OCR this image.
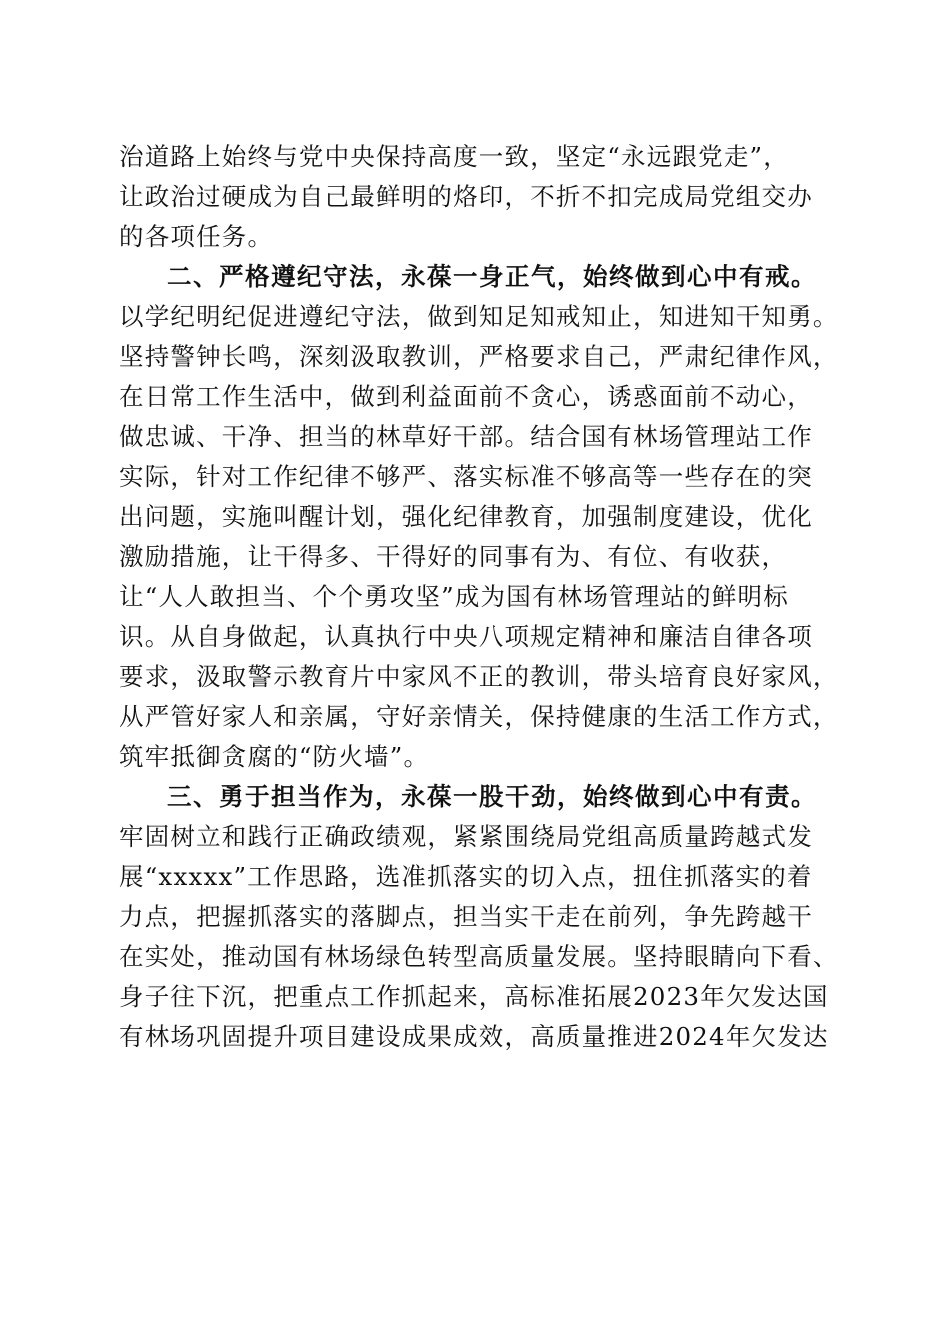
治道路上始终与党中央保持高度一致，坚定“永远跟党走”，
让政治过硬成为自己最鲜明的烙印，不折不扣完成局党组交办
的各项任务。
二、严格遵纪守法，永葆一身正气，始终做到心中有戒。
以学纪明纪促进遵纪守法，做到知足知戒知止，知进知干知勇。
坚持警钟长鸣，深刻汲取教训，严格要求自己，严肃纪律作风，
在日常工作生活中，做到利益面前不贪心，诱惑面前不动心，
做忠诚、干净、担当的林草好干部。结合国有林场管理站工作
实际，针对工作纪律不够严、落实标准不够高等一些存在的突
出问题，实施叫醒计划，强化纪律教育，加强制度建设，优化
激励措施，让干得多、干得好的同事有为、有位、有收获，
让“人人敢担当、个个勇攻坚”成为国有林场管理站的鲜明标
识。从自身做起，认真执行中央八项规定精神和廉洁自律各项
要求，汲取警示教育片中家风不正的教训，带头培育良好家风，
从严管好家人和亲属，守好亲情关，保持健康的生活工作方式，
筑牢抵御贪腐的“防火墙”。
三、勇于担当作为，永葆一股干劲，始终做到心中有责。
牢固树立和践行正确政绩观，紧紧围绕局党组高质量跨越式发
展“xxxxx”工作思路，选准抓落实的切入点，扭住抓落实的着
力点，把握抓落实的落脚点，担当实干走在前列，争先跨越干
在实处，推动国有林场绿色转型高质量发展。坚持眼睛向下看、
身子往下沉，把重点工作抓起来，高标准拓展2023年欠发达国
有林场巩固提升项目建设成果成效，高质量推进2024年欠发达
